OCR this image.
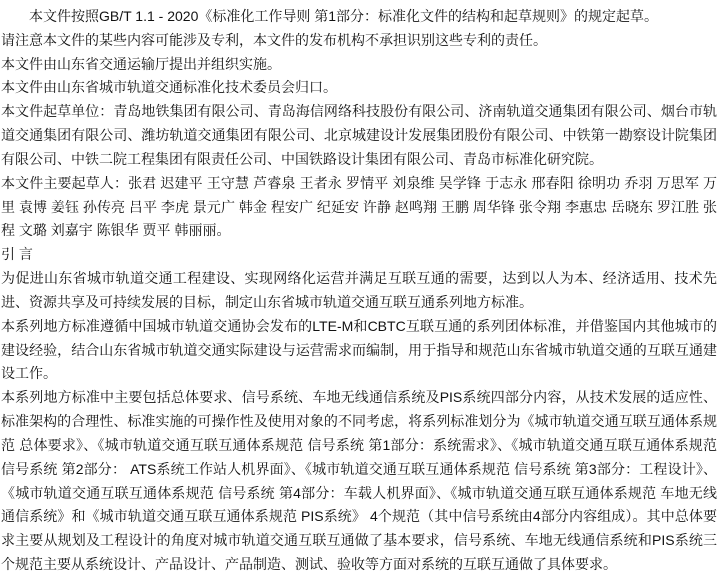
本文件按照GB/T 1.1 - 2020《标准化工作导则 第1部分：标准化文件的结构和起草规则》的规定起草。

请注意本文件的某些内容可能涉及专利，本文件的发布机构不承担识别这些专利的责任。

本文件由山东省交通运输厅提出并组织实施。

本文件由山东省城市轨道交通标准化技术委员会归口。

本文件起草单位：青岛地铁集团有限公司、青岛海信网络科技股份有限公司、济南轨道交通集团有限公司、烟台市轨道交通集团有限公司、潍坊轨道交通集团有限公司、北京城建设计发展集团股份有限公司、中铁第一勘察设计院集团有限公司、中铁二院工程集团有限责任公司、中国铁路设计集团有限公司、青岛市标准化研究院。

本文件主要起草人：张君 迟建平 王守慧 芦睿泉 王者永 罗情平 刘泉维 吴学锋 于志永 邢春阳 徐明功 乔羽 万思军 万里 袁博 姜钰 孙传亮 吕平 李虎 景元广 韩金 程安广 纪延安 许静 赵鸣翔 王鹏 周华锋 张令翔 李惠忠 岳晓东 罗江胜 张程 文璐 刘嘉宇 陈银华 贾平 韩丽丽。

引 言

为促进山东省城市轨道交通工程建设、实现网络化运营并满足互联互通的需要，达到以人为本、经济适用、技术先进、资源共享及可持续发展的目标，制定山东省城市轨道交通互联互通系列地方标准。

本系列地方标准遵循中国城市轨道交通协会发布的LTE-M和CBTC互联互通的系列团体标准，并借鉴国内其他城市的建设经验，结合山东省城市轨道交通实际建设与运营需求而编制，用于指导和规范山东省城市轨道交通的互联互通建设工作。

本系列地方标准中主要包括总体要求、信号系统、车地无线通信系统及PIS系统四部分内容，从技术发展的适应性、标准架构的合理性、标准实施的可操作性及使用对象的不同考虑，将系列标准划分为《城市轨道交通互联互通体系规范 总体要求》、《城市轨道交通互联互通体系规范 信号系统 第1部分：系统需求》、《城市轨道交通互联互通体系规范 信号系统 第2部分： ATS系统工作站人机界面》、《城市轨道交通互联互通体系规范 信号系统 第3部分：工程设计》、《城市轨道交通互联互通体系规范 信号系统 第4部分：车载人机界面》、《城市轨道交通互联互通体系规范 车地无线通信系统》和《城市轨道交通互联互通体系规范 PIS系统》 4个规范（其中信号系统由4部分内容组成）。其中总体要求主要从规划及工程设计的角度对城市轨道交通互联互通做了基本要求，信号系统、车地无线通信系统和PIS系统三个规范主要从系统设计、产品设计、产品制造、测试、验收等方面对系统的互联互通做了具体要求。
